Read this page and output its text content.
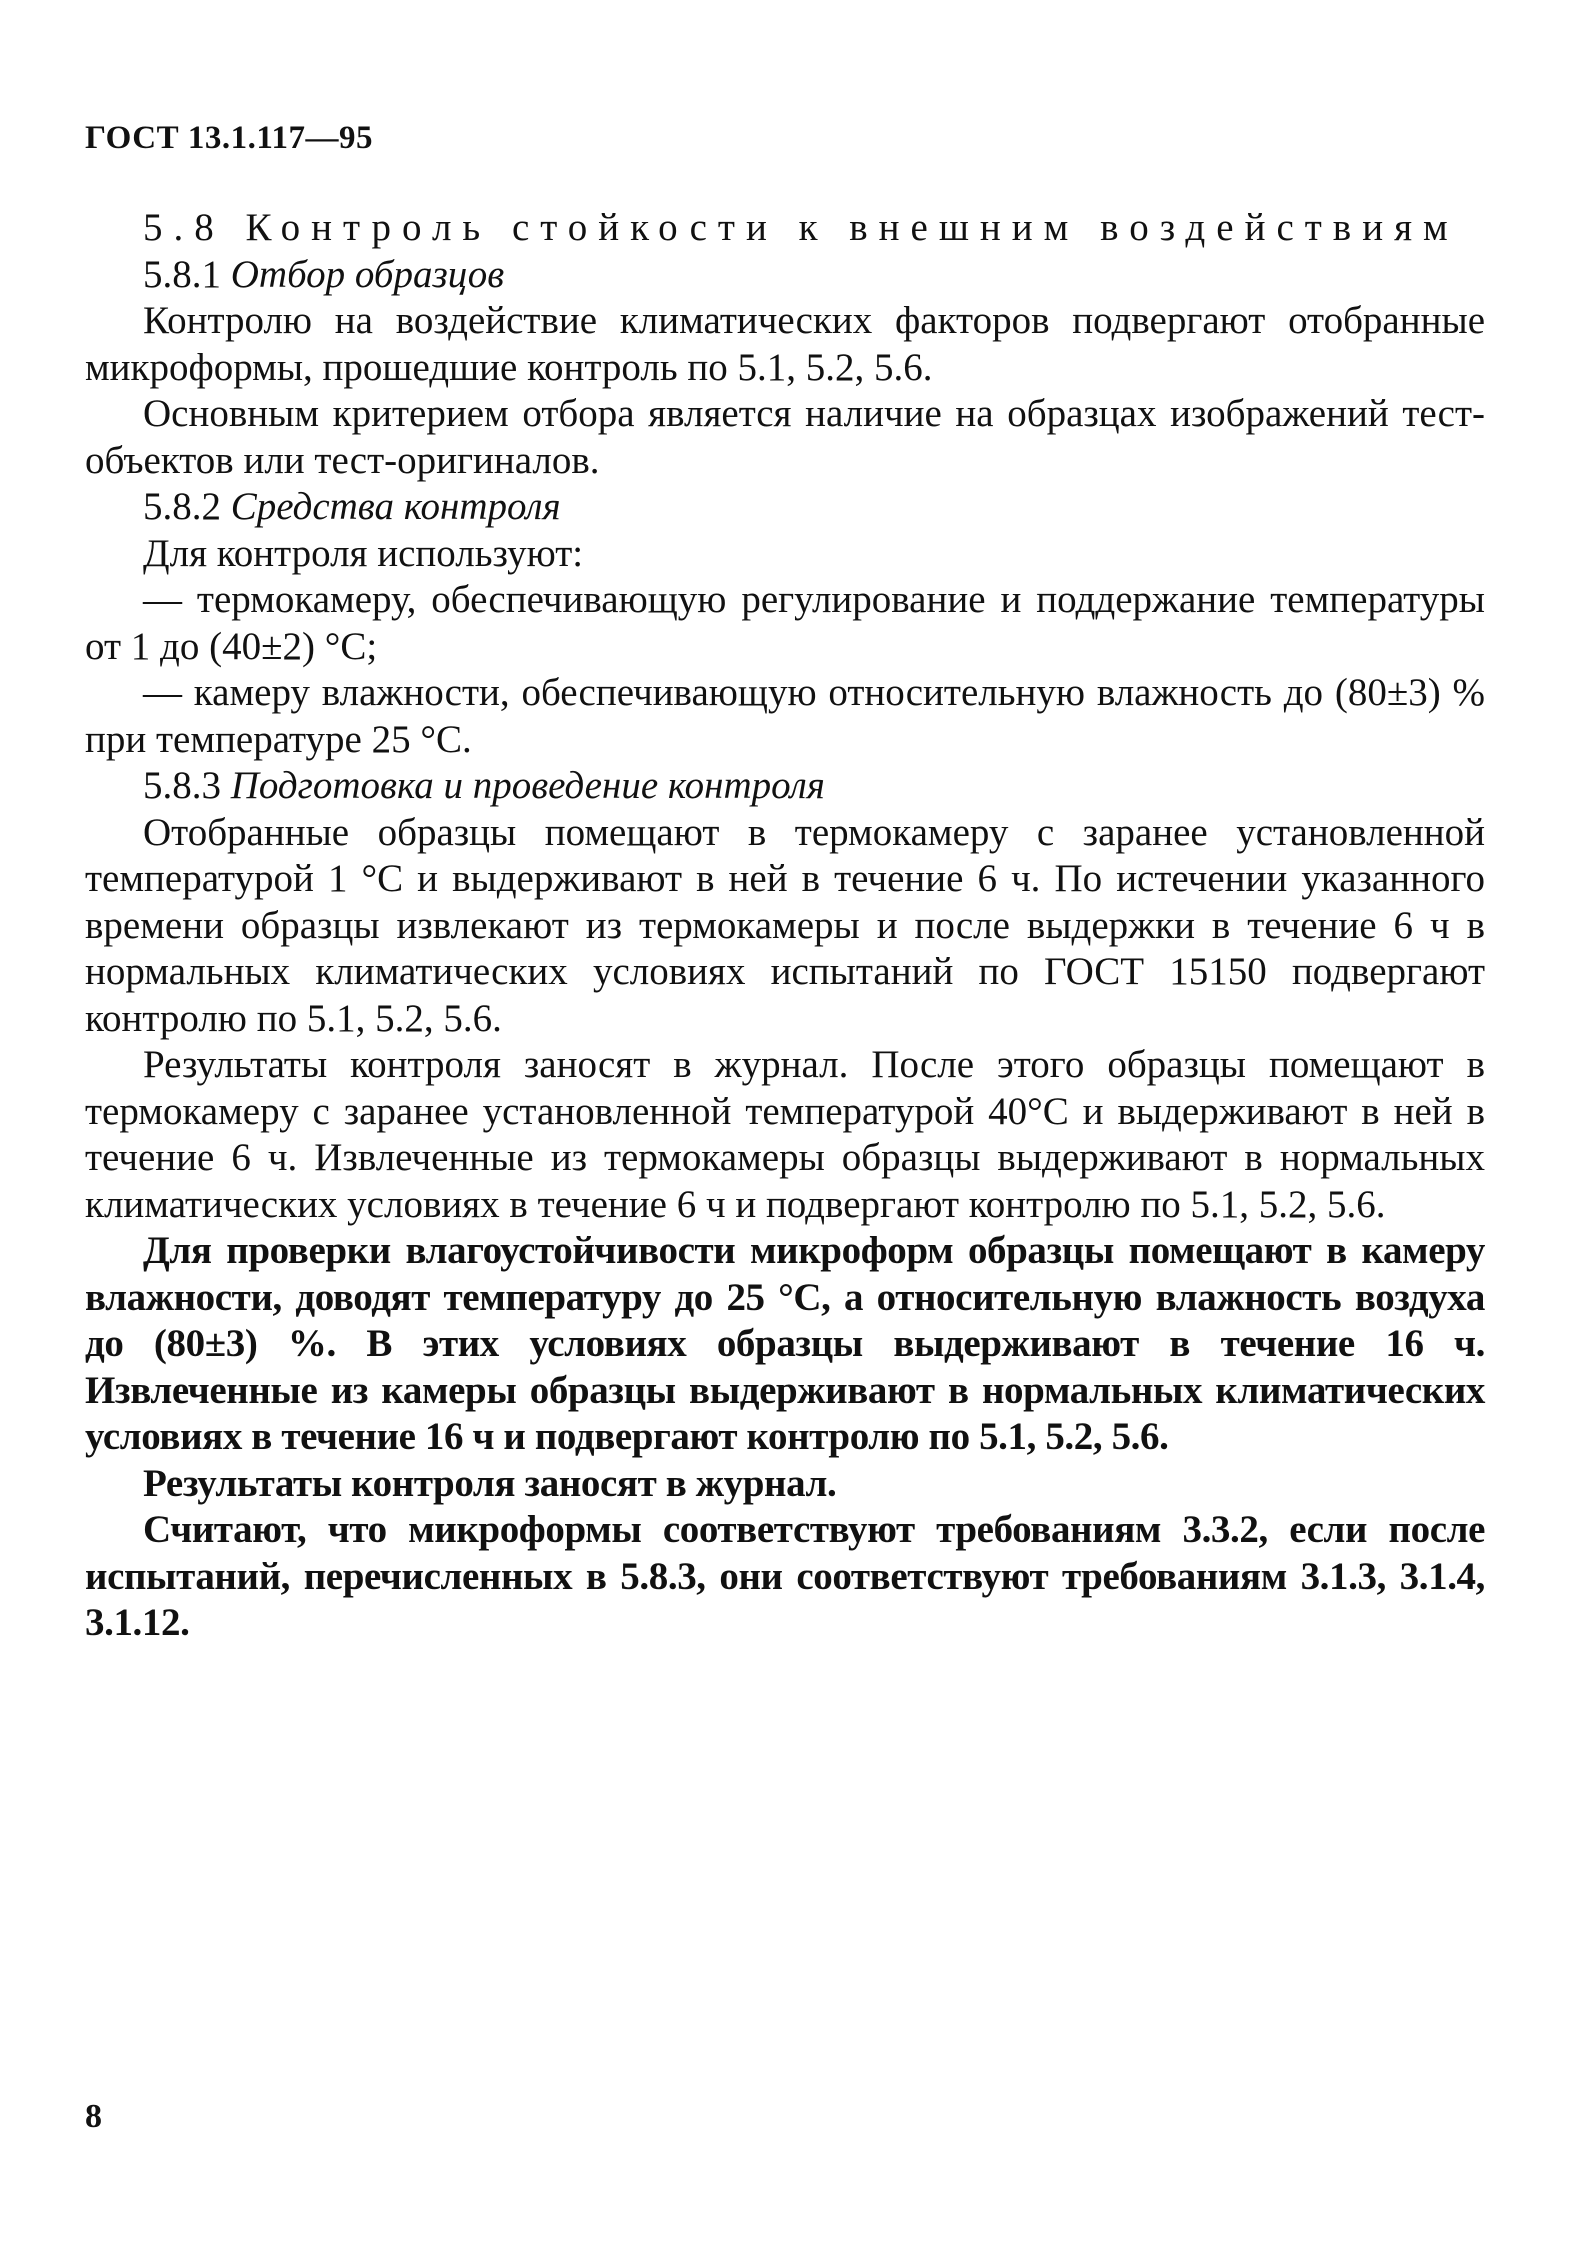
ГОСТ 13.1.117—95

5.8 Контроль стойкости к внешним воздействиям

5.8.1 Отбор образцов

Контролю на воздействие климатических факторов подвергают отобранные микроформы, прошедшие контроль по 5.1, 5.2, 5.6.

Основным критерием отбора является наличие на образцах изображений тест-объектов или тест-оригиналов.

5.8.2 Средства контроля

Для контроля используют:

— термокамеру, обеспечивающую регулирование и поддержание температуры от 1 до (40±2) °С;

— камеру влажности, обеспечивающую относительную влажность до (80±3) % при температуре 25 °С.

5.8.3 Подготовка и проведение контроля

Отобранные образцы помещают в термокамеру с заранее установленной температурой 1 °С и выдерживают в ней в течение 6 ч. По истечении указанного времени образцы извлекают из термокамеры и после выдержки в течение 6 ч в нормальных климатических условиях испытаний по ГОСТ 15150 подвергают контролю по 5.1, 5.2, 5.6.

Результаты контроля заносят в журнал. После этого образцы помещают в термокамеру с заранее установленной температурой 40°С и выдерживают в ней в течение 6 ч. Извлеченные из термокамеры образцы выдерживают в нормальных климатических условиях в течение 6 ч и подвергают контролю по 5.1, 5.2, 5.6.

Для проверки влагоустойчивости микроформ образцы помещают в камеру влажности, доводят температуру до 25 °С, а относительную влажность воздуха до (80±3) %. В этих условиях образцы выдерживают в течение 16 ч. Извлеченные из камеры образцы выдерживают в нормальных климатических условиях в течение 16 ч и подвергают контролю по 5.1, 5.2, 5.6.

Результаты контроля заносят в журнал.

Считают, что микроформы соответствуют требованиям 3.3.2, если после испытаний, перечисленных в 5.8.3, они соответствуют требованиям 3.1.3, 3.1.4, 3.1.12.

8
